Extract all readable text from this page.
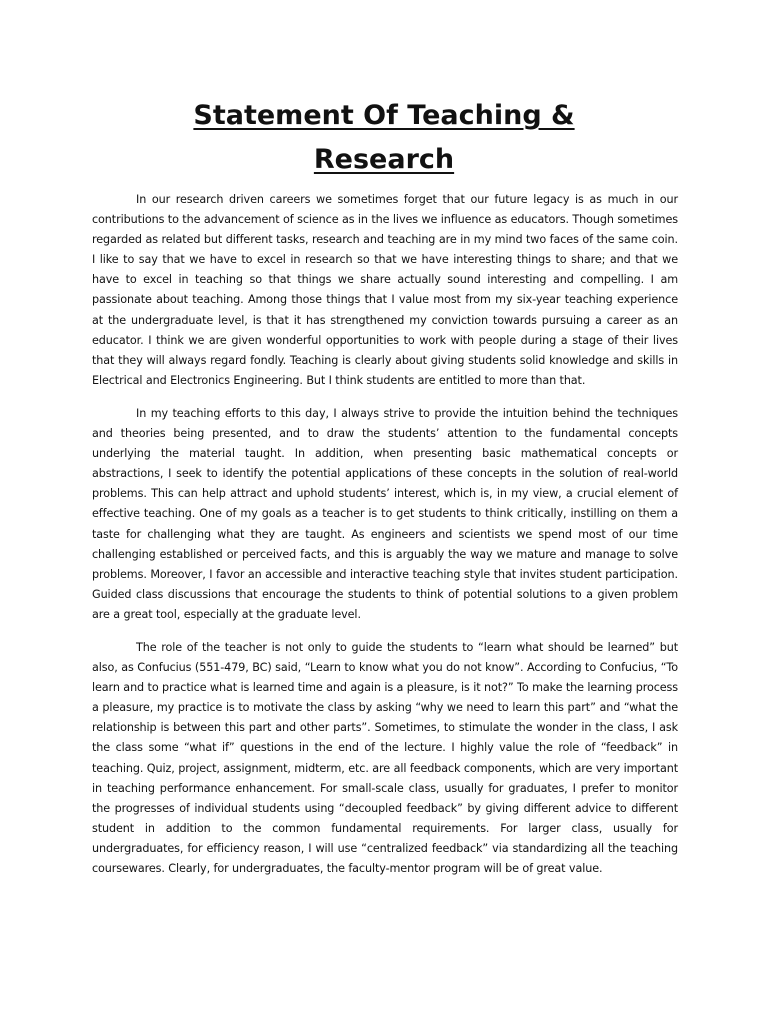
Statement Of Teaching &
Research

In our research driven careers we sometimes forget that our future legacy is as much in our contributions to the advancement of science as in the lives we influence as educators. Though sometimes regarded as related but different tasks, research and teaching are in my mind two faces of the same coin. I like to say that we have to excel in research so that we have interesting things to share; and that we have to excel in teaching so that things we share actually sound interesting and compelling. I am passionate about teaching. Among those things that I value most from my six-year teaching experience at the undergraduate level, is that it has strengthened my conviction towards pursuing a career as an educator. I think we are given wonderful opportunities to work with people during a stage of their lives that they will always regard fondly. Teaching is clearly about giving students solid knowledge and skills in Electrical and Electronics Engineering. But I think students are entitled to more than that.

In my teaching efforts to this day, I always strive to provide the intuition behind the techniques and theories being presented, and to draw the students’ attention to the fundamental concepts underlying the material taught. In addition, when presenting basic mathematical concepts or abstractions, I seek to identify the potential applications of these concepts in the solution of real-world problems. This can help attract and uphold students’ interest, which is, in my view, a crucial element of effective teaching. One of my goals as a teacher is to get students to think critically, instilling on them a taste for challenging what they are taught. As engineers and scientists we spend most of our time challenging established or perceived facts, and this is arguably the way we mature and manage to solve problems. Moreover, I favor an accessible and interactive teaching style that invites student participation. Guided class discussions that encourage the students to think of potential solutions to a given problem are a great tool, especially at the graduate level.

The role of the teacher is not only to guide the students to “learn what should be learned” but also, as Confucius (551-479, BC) said, “Learn to know what you do not know”. According to Confucius, “To learn and to practice what is learned time and again is a pleasure, is it not?” To make the learning process a pleasure, my practice is to motivate the class by asking “why we need to learn this part” and “what the relationship is between this part and other parts”. Sometimes, to stimulate the wonder in the class, I ask the class some “what if” questions in the end of the lecture. I highly value the role of “feedback” in teaching. Quiz, project, assignment, midterm, etc. are all feedback components, which are very important in teaching performance enhancement. For small-scale class, usually for graduates, I prefer to monitor the progresses of individual students using “decoupled feedback” by giving different advice to different student in addition to the common fundamental requirements. For larger class, usually for undergraduates, for efficiency reason, I will use “centralized feedback” via standardizing all the teaching coursewares. Clearly, for undergraduates, the faculty-mentor program will be of great value.
